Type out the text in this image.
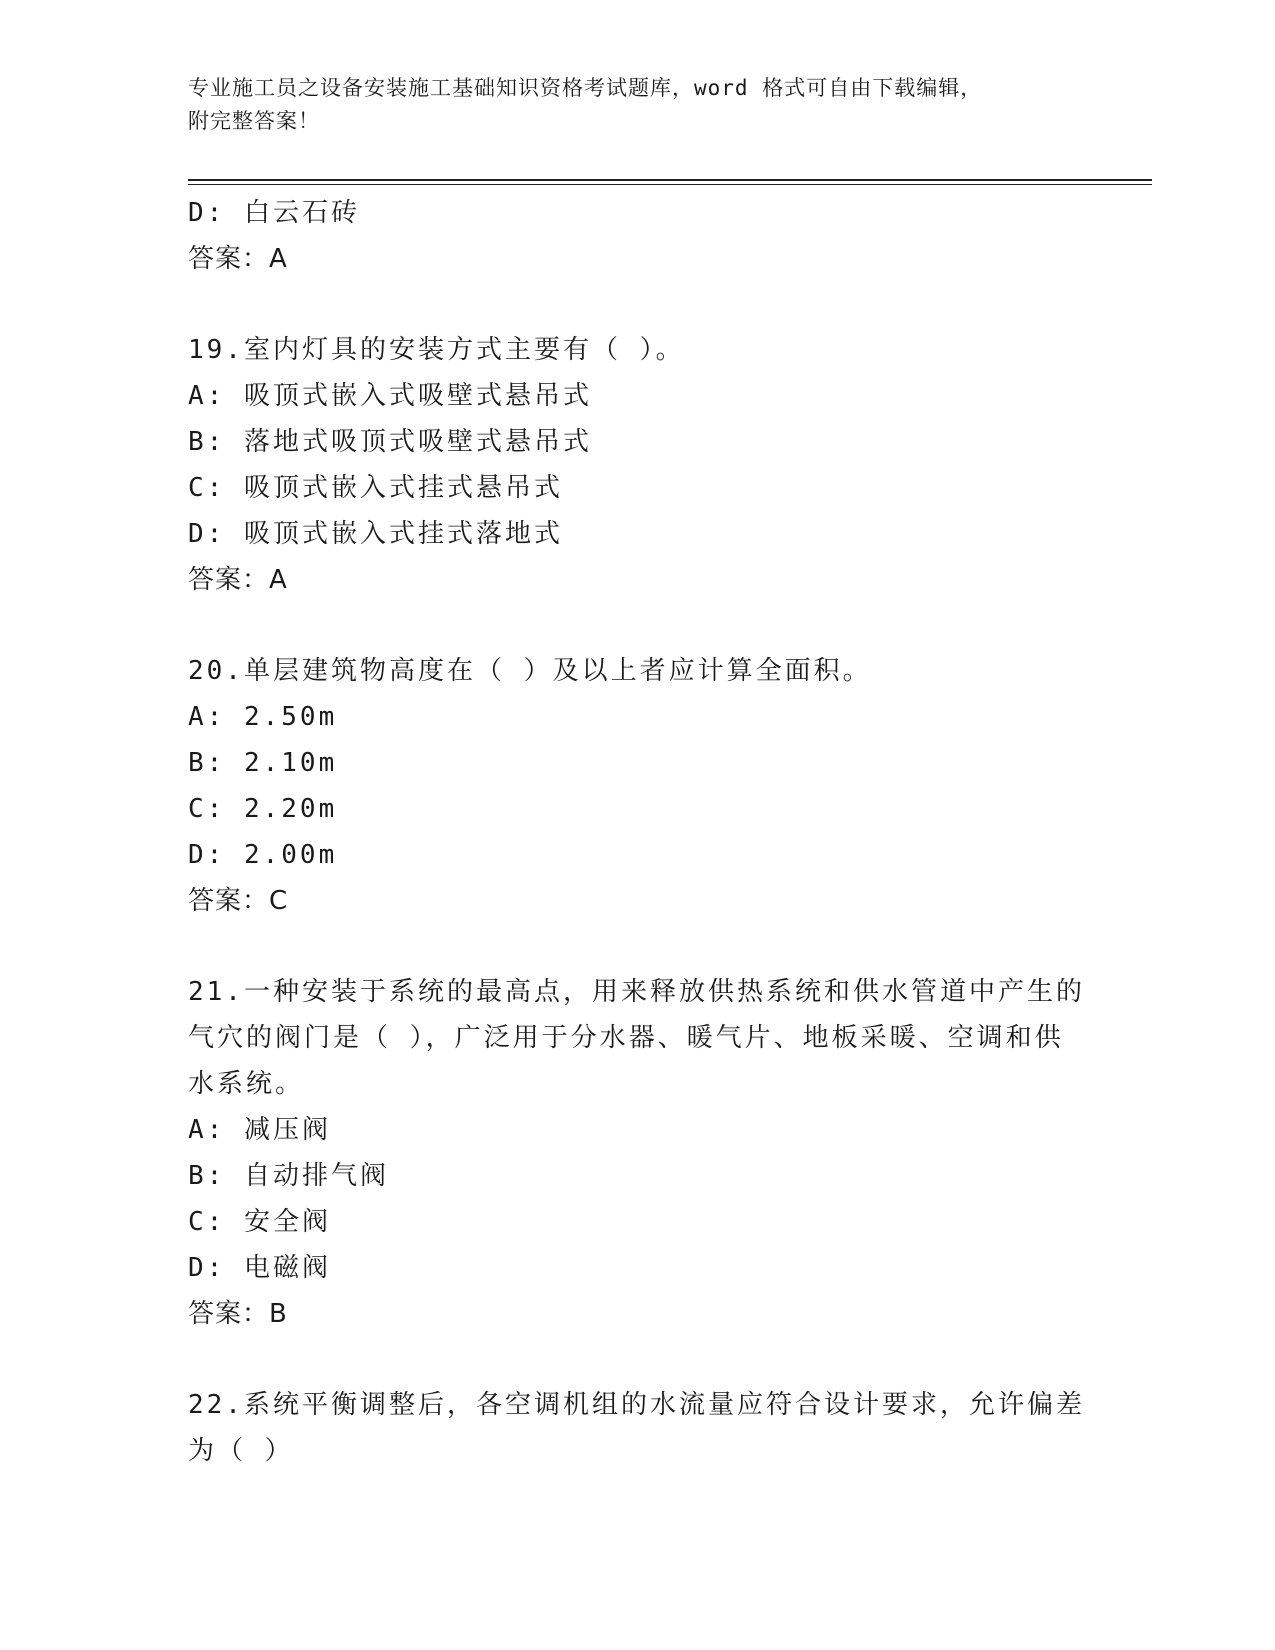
专业施工员之设备安装施工基础知识资格考试题库，word 格式可自由下载编辑，
附完整答案！
D: 白云石砖
答案：A
19.室内灯具的安装方式主要有（ ）。
A: 吸顶式嵌入式吸壁式悬吊式
B: 落地式吸顶式吸壁式悬吊式
C: 吸顶式嵌入式挂式悬吊式
D: 吸顶式嵌入式挂式落地式
答案：A
20.单层建筑物高度在（ ）及以上者应计算全面积。
A: 2.50m
B: 2.10m
C: 2.20m
D: 2.00m
答案：C
21.一种安装于系统的最高点，用来释放供热系统和供水管道中产生的
气穴的阀门是（ ），广泛用于分水器、暖气片、地板采暖、空调和供
水系统。
A: 减压阀
B: 自动排气阀
C: 安全阀
D: 电磁阀
答案：B
22.系统平衡调整后，各空调机组的水流量应符合设计要求，允许偏差
为（ ）
